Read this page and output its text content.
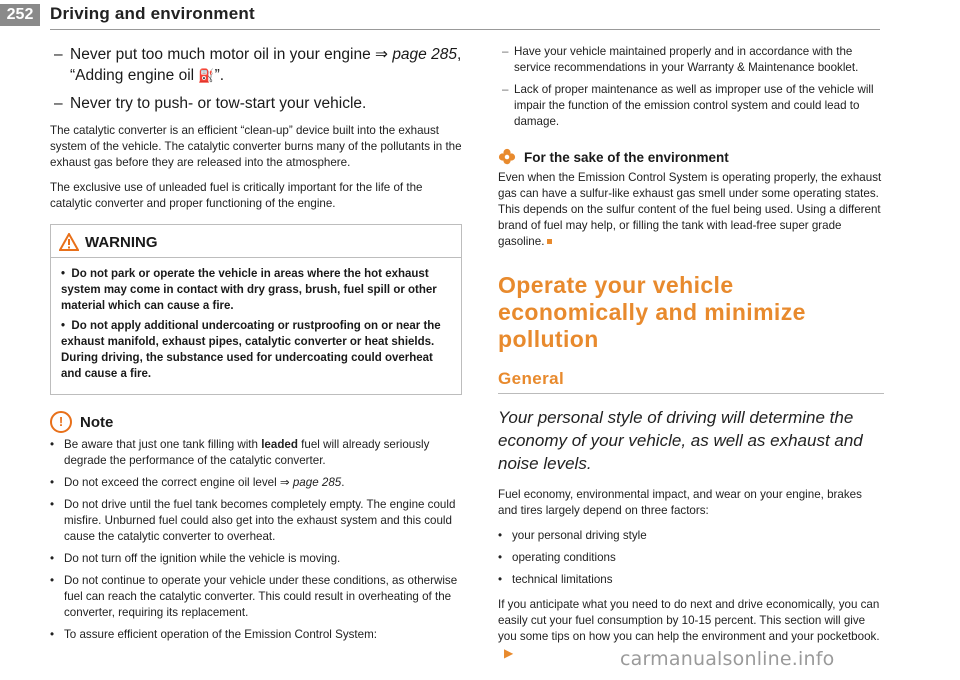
252 Driving and environment
– Never put too much motor oil in your engine ⇒ page 285,
“Adding engine oil ⛽”.
– Never try to push- or tow-start your vehicle.

The catalytic converter is an efficient “clean-up” device built into the exhaust system of the vehicle. The catalytic converter burns many of the pollutants in the exhaust gas before they are released into the atmosphere.

The exclusive use of unleaded fuel is critically important for the life of the catalytic converter and proper functioning of the engine.

WARNING
•  Do not park or operate the vehicle in areas where the hot exhaust system may come in contact with dry grass, brush, fuel spill or other material which can cause a fire.
•  Do not apply additional undercoating or rustproofing on or near the exhaust manifold, exhaust pipes, catalytic converter or heat shields. During driving, the substance used for undercoating could overheat and cause a fire.
!	Note
• Be aware that just one tank filling with leaded fuel will already seriously degrade the performance of the catalytic converter.
• Do not exceed the correct engine oil level ⇒ page 285.
• Do not drive until the fuel tank becomes completely empty. The engine could misfire. Unburned fuel could also get into the exhaust system and this could cause the catalytic converter to overheat.
• Do not turn off the ignition while the vehicle is moving.
• Do not continue to operate your vehicle under these conditions, as otherwise fuel can reach the catalytic converter. This could result in overheating of the converter, requiring its replacement.
• To assure efficient operation of the Emission Control System:
– Have your vehicle maintained properly and in accordance with the service recommendations in your Warranty & Maintenance booklet.
– Lack of proper maintenance as well as improper use of the vehicle will impair the function of the emission control system and could lead to damage.
For the sake of the environment

Even when the Emission Control System is operating properly, the exhaust gas can have a sulfur-like exhaust gas smell under some operating states. This depends on the sulfur content of the fuel being used. Using a different brand of fuel may help, or filling the tank with lead-free super grade gasoline.

Operate your vehicle economically and minimize pollution
General
Your personal style of driving will determine the economy of your vehicle, as well as exhaust and noise levels.

Fuel economy, environmental impact, and wear on your engine, brakes and tires largely depend on three factors:

• your personal driving style
• operating conditions
• technical limitations

If you anticipate what you need to do next and drive economically, you can easily cut your fuel consumption by 10-15 percent. This section will give you some tips on how you can help the environment and your pocketbook.▶	carmanualsonline.info
